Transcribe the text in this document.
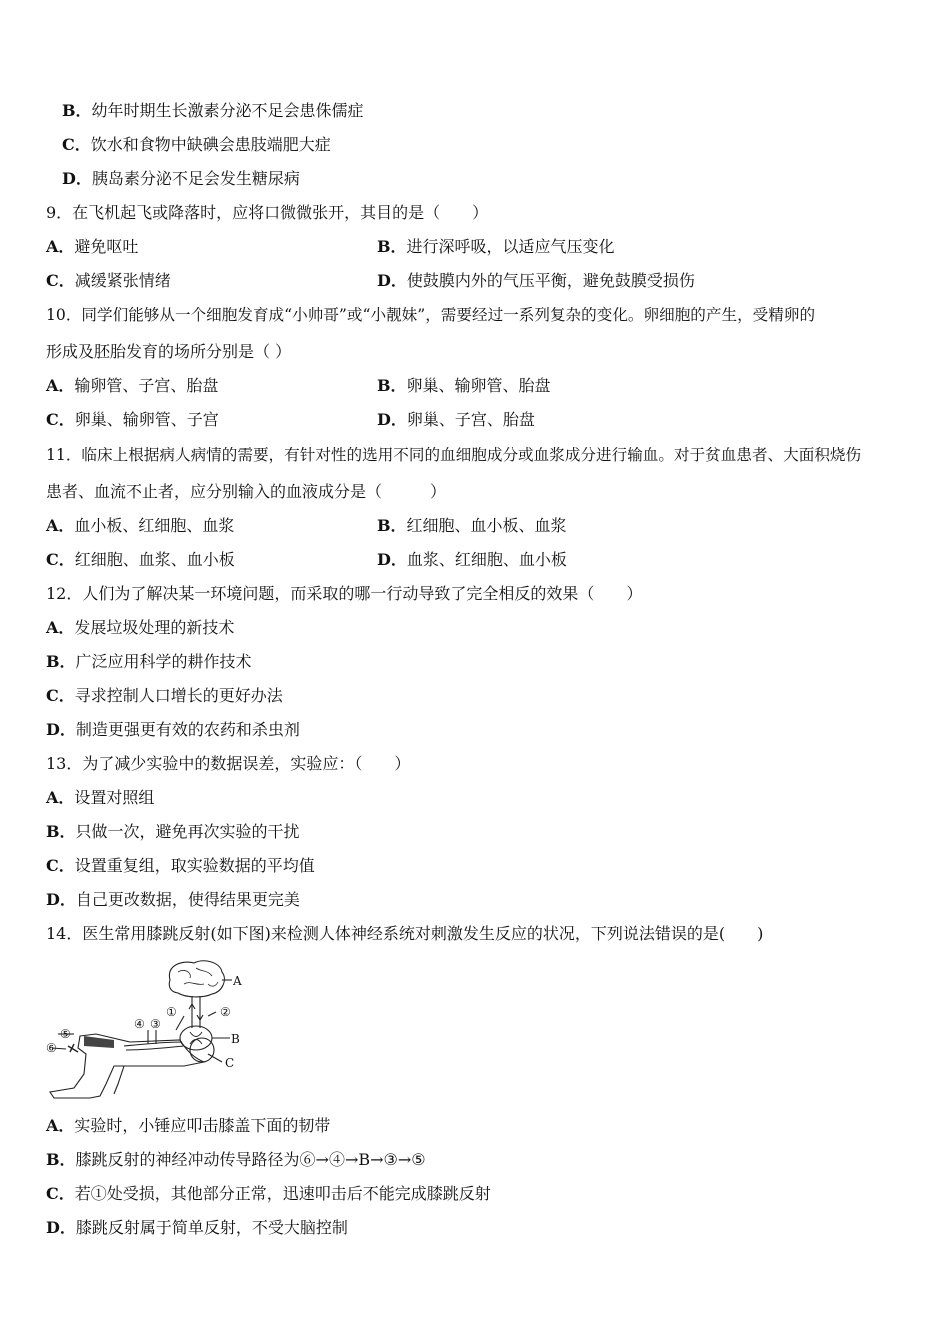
B．幼年时期生长激素分泌不足会患侏儒症
C．饮水和食物中缺碘会患肢端肥大症
D．胰岛素分泌不足会发生糖尿病
9．在飞机起飞或降落时，应将口微微张开，其目的是（　　）
A．避免呕吐	B．进行深呼吸，以适应气压变化
C．减缓紧张情绪	D．使鼓膜内外的气压平衡，避免鼓膜受损伤
10．同学们能够从一个细胞发育成“小帅哥”或“小靓妹”，需要经过一系列复杂的变化。卵细胞的产生，受精卵的
形成及胚胎发育的场所分别是（ ）
A．输卵管、子宫、胎盘	B．卵巢、输卵管、胎盘
C．卵巢、输卵管、子宫	D．卵巢、子宫、胎盘
11．临床上根据病人病情的需要，有针对性的选用不同的血细胞成分或血浆成分进行输血。对于贫血患者、大面积烧伤
患者、血流不止者，应分别输入的血液成分是（　　　）
A．血小板、红细胞、血浆	B．红细胞、血小板、血浆
C．红细胞、血浆、血小板	D．血浆、红细胞、血小板
12．人们为了解决某一环境问题，而采取的哪一行动导致了完全相反的效果（　　）
A．发展垃圾处理的新技术
B．广泛应用科学的耕作技术
C．寻求控制人口增长的更好办法
D．制造更强更有效的农药和杀虫剂
13．为了减少实验中的数据误差，实验应：（　　）
A．设置对照组
B．只做一次，避免再次实验的干扰
C．设置重复组，取实验数据的平均值
D．自己更改数据，使得结果更完美
14．医生常用膝跳反射(如下图)来检测人体神经系统对刺激发生反应的状况，下列说法错误的是(　　)
A
B
C
①	②
③
④
⑤
⑥
A．实验时，小锤应叩击膝盖下面的韧带
B．膝跳反射的神经冲动传导路径为⑥→④→B→③→⑤
C．若①处受损，其他部分正常，迅速叩击后不能完成膝跳反射
D．膝跳反射属于简单反射，不受大脑控制
